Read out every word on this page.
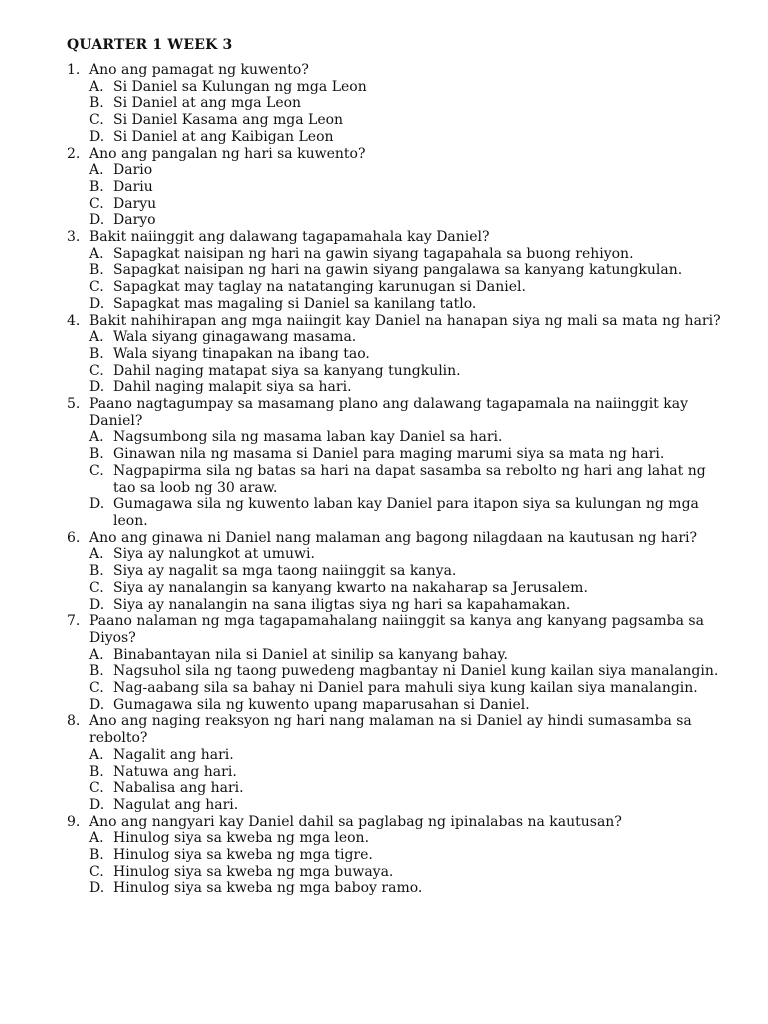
QUARTER 1 WEEK 3
1. Ano ang pamagat ng kuwento?
A. Si Daniel sa Kulungan ng mga Leon
B. Si Daniel at ang mga Leon
C. Si Daniel Kasama ang mga Leon
D. Si Daniel at ang Kaibigan Leon
2. Ano ang pangalan ng hari sa kuwento?
A. Dario
B. Dariu
C. Daryu
D. Daryo
3. Bakit naiinggit ang dalawang tagapamahala kay Daniel?
A. Sapagkat naisipan ng hari na gawin siyang tagapahala sa buong rehiyon.
B. Sapagkat naisipan ng hari na gawin siyang pangalawa sa kanyang katungkulan.
C. Sapagkat may taglay na natatanging karunugan si Daniel.
D. Sapagkat mas magaling si Daniel sa kanilang tatlo.
4. Bakit nahihirapan ang mga naiingit kay Daniel na hanapan siya ng mali sa mata ng hari?
A. Wala siyang ginagawang masama.
B. Wala siyang tinapakan na ibang tao.
C. Dahil naging matapat siya sa kanyang tungkulin.
D. Dahil naging malapit siya sa hari.
5. Paano nagtagumpay sa masamang plano ang dalawang tagapamala na naiinggit kay Daniel?
A. Nagsumbong sila ng masama laban kay Daniel sa hari.
B. Ginawan nila ng masama si Daniel para maging marumi siya sa mata ng hari.
C. Nagpapirma sila ng batas sa hari na dapat sasamba sa rebolto ng hari ang lahat ng tao sa loob ng 30 araw.
D. Gumagawa sila ng kuwento laban kay Daniel para itapon siya sa kulungan ng mga leon.
6. Ano ang ginawa ni Daniel nang malaman ang bagong nilagdaan na kautusan ng hari?
A. Siya ay nalungkot at umuwi.
B. Siya ay nagalit sa mga taong naiinggit sa kanya.
C. Siya ay nanalangin sa kanyang kwarto na nakaharap sa Jerusalem.
D. Siya ay nanalangin na sana iligtas siya ng hari sa kapahamakan.
7. Paano nalaman ng mga tagapamahalang naiinggit sa kanya ang kanyang pagsamba sa Diyos?
A. Binabantayan nila si Daniel at sinilip sa kanyang bahay.
B. Nagsuhol sila ng taong puwedeng magbantay ni Daniel kung kailan siya manalangin.
C. Nag-aabang sila sa bahay ni Daniel para mahuli siya kung kailan siya manalangin.
D. Gumagawa sila ng kuwento upang maparusahan si Daniel.
8. Ano ang naging reaksyon ng hari nang malaman na si Daniel ay hindi sumasamba sa rebolto?
A. Nagalit ang hari.
B. Natuwa ang hari.
C. Nabalisa ang hari.
D. Nagulat ang hari.
9. Ano ang nangyari kay Daniel dahil sa paglabag ng ipinalabas na kautusan?
A. Hinulog siya sa kweba ng mga leon.
B. Hinulog siya sa kweba ng mga tigre.
C. Hinulog siya sa kweba ng mga buwaya.
D. Hinulog siya sa kweba ng mga baboy ramo.
